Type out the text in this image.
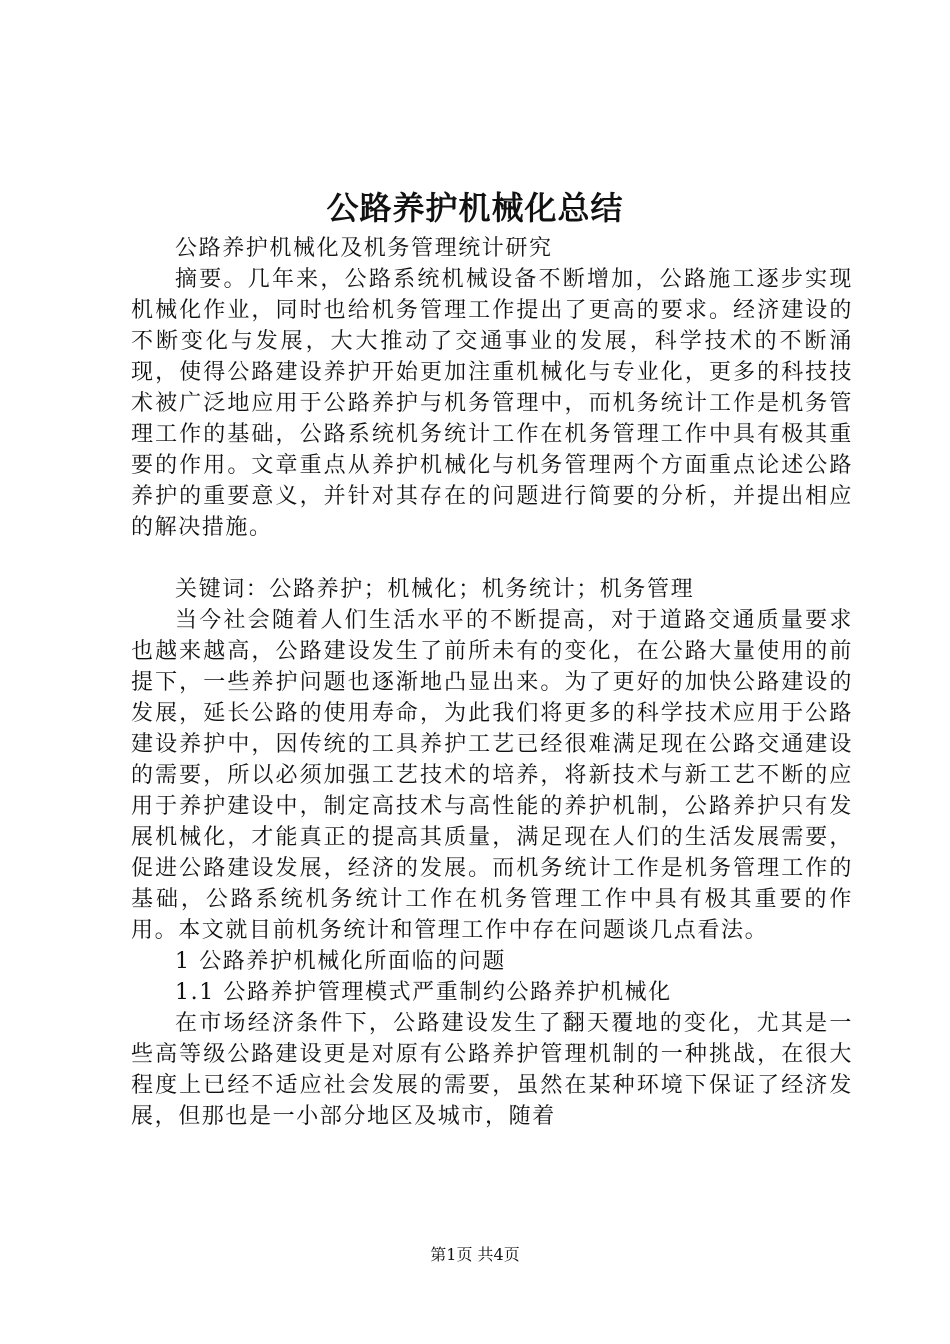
公路养护机械化总结

公路养护机械化及机务管理统计研究

摘要。几年来，公路系统机械设备不断增加，公路施工逐步实现机械化作业，同时也给机务管理工作提出了更高的要求。经济建设的不断变化与发展，大大推动了交通事业的发展，科学技术的不断涌现，使得公路建设养护开始更加注重机械化与专业化，更多的科技技术被广泛地应用于公路养护与机务管理中，而机务统计工作是机务管理工作的基础，公路系统机务统计工作在机务管理工作中具有极其重要的作用。文章重点从养护机械化与机务管理两个方面重点论述公路养护的重要意义，并针对其存在的问题进行简要的分析，并提出相应的解决措施。

关键词：公路养护；机械化；机务统计；机务管理

当今社会随着人们生活水平的不断提高，对于道路交通质量要求也越来越高，公路建设发生了前所未有的变化，在公路大量使用的前提下，一些养护问题也逐渐地凸显出来。为了更好的加快公路建设的发展，延长公路的使用寿命，为此我们将更多的科学技术应用于公路建设养护中，因传统的工具养护工艺已经很难满足现在公路交通建设的需要，所以必须加强工艺技术的培养，将新技术与新工艺不断的应用于养护建设中，制定高技术与高性能的养护机制，公路养护只有发展机械化，才能真正的提高其质量，满足现在人们的生活发展需要，促进公路建设发展，经济的发展。而机务统计工作是机务管理工作的基础，公路系统机务统计工作在机务管理工作中具有极其重要的作用。本文就目前机务统计和管理工作中存在问题谈几点看法。

1 公路养护机械化所面临的问题

1.1 公路养护管理模式严重制约公路养护机械化

在市场经济条件下，公路建设发生了翻天覆地的变化，尤其是一些高等级公路建设更是对原有公路养护管理机制的一种挑战，在很大程度上已经不适应社会发展的需要，虽然在某种环境下保证了经济发展，但那也是一小部分地区及城市，随着

第1页 共4页
